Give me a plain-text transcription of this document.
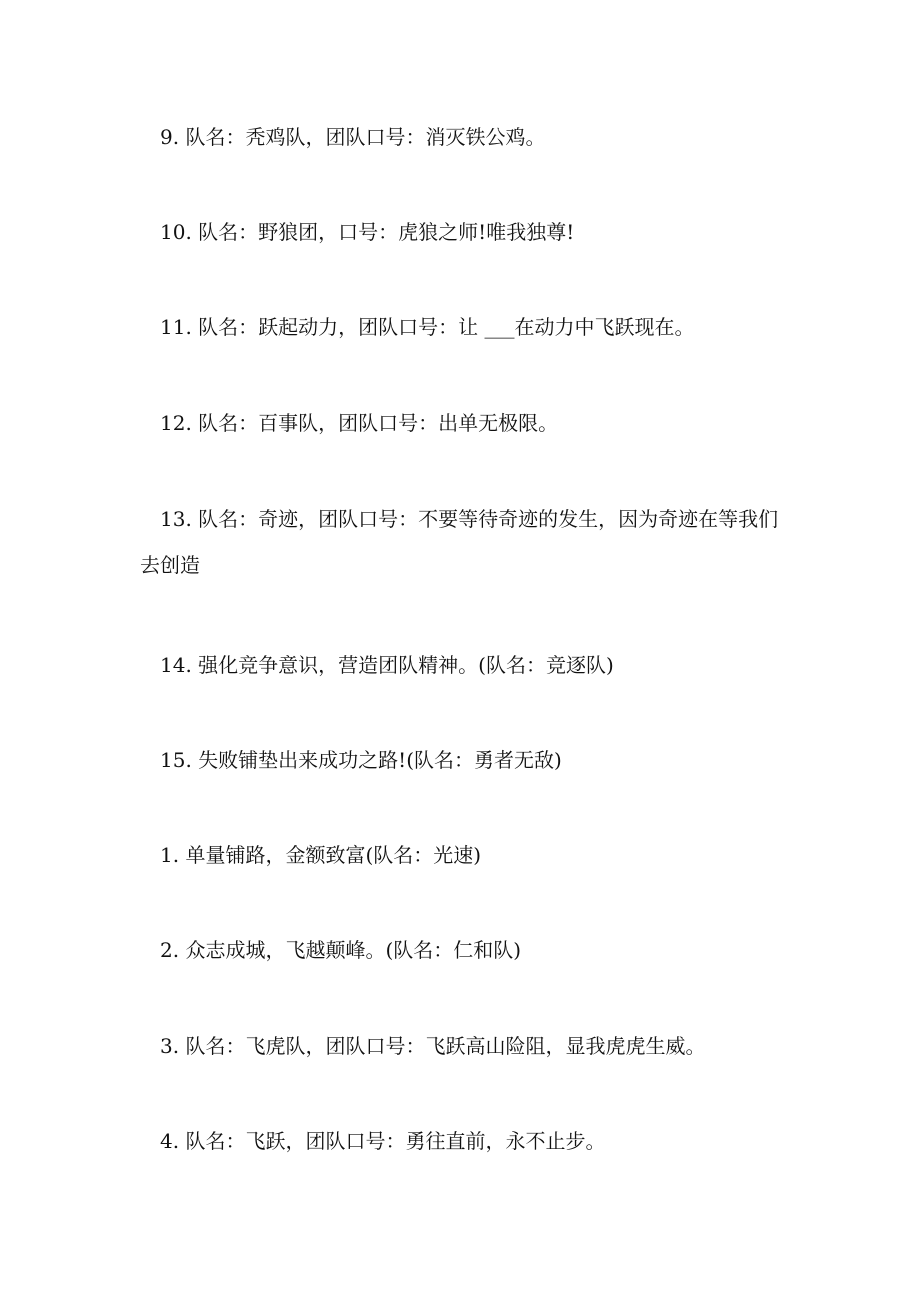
9. 队名：秃鸡队，团队口号：消灭铁公鸡。

10. 队名：野狼团，口号：虎狼之师!唯我独尊!

11. 队名：跃起动力，团队口号：让 ___在动力中飞跃现在。

12. 队名：百事队，团队口号：出单无极限。

13. 队名：奇迹，团队口号：不要等待奇迹的发生，因为奇迹在等我们去创造

14. 强化竞争意识，营造团队精神。(队名：竞逐队)

15. 失败铺垫出来成功之路!(队名：勇者无敌)

1. 单量铺路，金额致富(队名：光速)

2. 众志成城，飞越颠峰。(队名：仁和队)

3. 队名：飞虎队，团队口号：飞跃高山险阻，显我虎虎生威。

4. 队名：飞跃，团队口号：勇往直前，永不止步。
